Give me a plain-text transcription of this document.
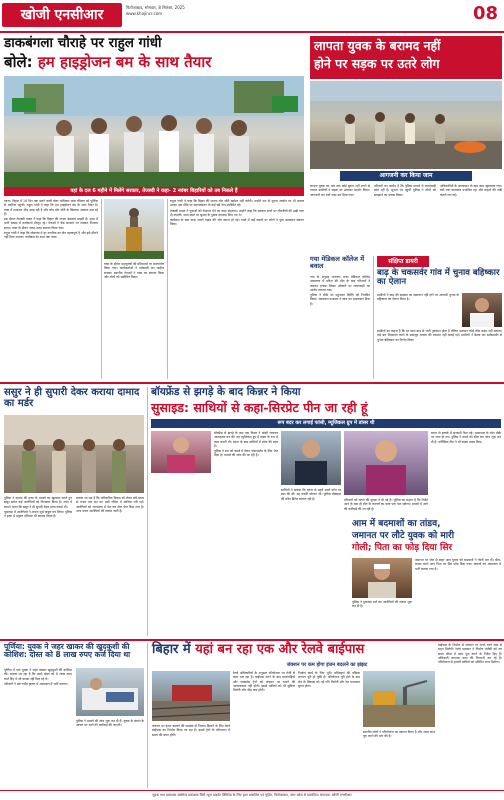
खोजी एनसीआर	फिरोजाबाद, सोमवार, 8 सितंबर, 2025
www.khojincr.com	08
डाकबंगला चौराहे पर राहुल गांधी
बोले: हम हाइड्रोजन बम के साथ तैयार
वहां के दल 6 महीने में मिलेंगे सरकार, तेजस्वी ने कहा- 2 नवंबर बिहारियों को तब निकले हैं

पटना। बिहार में 16 दिन तक चलने वाली वोटर अधिकार यात्रा रविवार को पूर्णिया से अररिया पहुंची। राहुल गांधी ने कहा कि हम हाइड्रोजन बम के साथ तैयार हैं। यात्रा में लगातार भीड़ उमड़ रही है और लोग वोट चोरी के खिलाफ आवाज उठा रहे हैं।

इस दौरान तेजस्वी यादव ने कहा कि बिहार की जनता बदलाव चाहती है। सभा में भारी संख्या में कार्यकर्ता मौजूद रहे। नेताओं ने केंद्र सरकार पर जमकर निशाना साधा। यात्रा के दौरान जगह-जगह स्वागत किया गया।

राहुल गांधी ने कहा कि लोकतंत्र में हर नागरिक का वोट महत्वपूर्ण है और इसे छीनने नहीं दिया जाएगा। कार्यक्रम देर शाम तक चला।

यात्रा के दौरान महापुरुषों की प्रतिमाओं पर माल्यार्पण किया गया। कार्यकर्ताओं ने नारेबाजी कर माहौल बनाया। स्थानीय नेताओं ने यात्रा का स्वागत किया और लोगों को संबोधित किया।

राहुल गांधी ने कहा कि बिहार की जनता वोट चोरी बर्दाश्त नहीं करेगी। उन्होंने मंच से चुनाव आयोग पर भी सवाल उठाए। इस मौके पर महागठबंधन के कई बड़े नेता उपस्थित रहे।

तेजस्वी यादव ने युवाओं को रोजगार देने का वादा दोहराया। उन्होंने कहा कि सरकार बनने पर नौकरियों की झड़ी लगा दी जाएगी। सभा स्थल पर सुरक्षा के पुख्ता इंतजाम किए गए थे।

कार्यक्रम के बाद यात्रा अगले पड़ाव की ओर रवाना हो गई। रास्ते में कई स्थानों पर लोगों ने फूल बरसाकर स्वागत किया।

लापता युवक के बरामद नहीं
होने पर सड़क पर उतरे लोग
आगजनी कर किया जाम

लापता युवक का अब तक कोई सुराग नहीं लगने से नाराज ग्रामीणों ने सड़क पर उतरकर प्रदर्शन किया। आगजनी कर मार्ग जाम कर दिया गया।

परिजनों का आरोप है कि पुलिस मामले में लापरवाही बरत रही है। सूचना पर पहुंची पुलिस ने लोगों को समझाने का प्रयास किया।

अधिकारियों के आश्वासन के बाद जाम खुलवाया गया। घंटों तक यातायात प्रभावित रहा और वाहनों की लंबी कतारें लग गईं।

गया मेडिकल कॉलेज में बवाल

गया के अनुग्रह नारायण मगध मेडिकल कॉलेज अस्पताल में मरीज की मौत के बाद परिजनों ने जमकर हंगामा किया। डॉक्टरों पर लापरवाही का आरोप लगाया गया।

पुलिस ने मौके पर पहुंचकर स्थिति को नियंत्रित किया। अस्पताल प्रशासन ने जांच का आश्वासन दिया है।

संक्षिप्त डायरी
बाढ़ के चकसर्वर गांव में चुनाव बहिष्कार का ऐलान

ग्रामीणों ने बाढ़ की समस्या का समाधान नहीं होने पर आगामी चुनाव के बहिष्कार का ऐलान किया है।

ग्रामीणों का कहना है कि हर साल बाढ़ से भारी नुकसान होता है लेकिन प्रशासन कोई ठोस कदम नहीं उठाता। कई बार शिकायत करने के बावजूद तटबंध की मरम्मत नहीं कराई गई। ग्रामीणों ने बैठक कर सर्वसम्मति से चुनाव बहिष्कार का निर्णय लिया।

ससुर ने ही सुपारी देकर कराया दामाद का मर्डर

पुलिस ने दामाद की हत्या के मामले का खुलासा करते हुए ससुर समेत कई आरोपियों को गिरफ्तार किया है। जांच में सामने आया कि ससुर ने ही सुपारी देकर हत्या कराई थी।

पूछताछ में आरोपियों ने अपना जुर्म कबूल कर लिया। पुलिस ने हत्या में प्रयुक्त हथियार भी बरामद किया है।

बताया जा रहा है कि पारिवारिक विवाद को लेकर लंबे समय से तनाव चल रहा था। इसी रंजिश में साजिश रची गई। आरोपियों को न्यायालय में पेश कर जेल भेज दिया गया है। अन्य फरार आरोपियों की तलाश जारी है।

बॉयफ्रेंड से झगड़े के बाद किन्नर ने किया
सुसाइड: साथियों से कहा-सिरप्रेट पीन जा रही हूं
रूप बदर कर लगाई फांसी, म्यूजिकल ग्रुप में डांसर थी

बॉयफ्रेंड से झगड़े के बाद एक किन्नर ने फांसी लगाकर आत्महत्या कर ली। वह म्यूजिकल ग्रुप में डांसर के रूप में काम करती थी। घटना के बाद साथियों में शोक की लहर है।

पुलिस ने शव को कब्जे में लेकर पोस्टमार्टम के लिए भेज दिया है। मामले की जांच की जा रही है।

साथियों ने बताया कि घटना से पहले उसने फोन पर बात की थी। वह काफी परेशान थी। पुलिस मोबाइल की कॉल डिटेल खंगाल रही है।	परिजनों को घटना की सूचना दे दी गई है। पुलिस का कहना है कि रिपोर्ट आने के बाद ही मौत के कारणों का स्पष्ट पता चल सकेगा। मामले में आगे की कार्रवाई की जा रही है।

घटना से इलाके में सनसनी फैल गई। आसपास के लोग मौके पर जमा हो गए। पुलिस ने कमरे को सील कर जांच शुरू कर दी है। फॉरेंसिक टीम ने भी साक्ष्य एकत्र किए।

आम में बदमाशों का तांडव,
जमानत पर लौटे युवक को मारी
गोली; पिता का फोड़ दिया सिर

जमानत पर जेल से बाहर आए युवक को बदमाशों ने गोली मार दी। बीच-बचाव करने आए पिता का सिर फोड़ दिया गया। घायलों को अस्पताल में भर्ती कराया गया है।

पुलिस ने मुकदमा दर्ज कर आरोपियों की तलाश शुरू कर दी है।

पूर्णिया: युवक ने जहर खाकर की खुदकुशी की कोशिश: दोस्त को 8 लाख रुपए कर्ज दिया था

पूर्णिया में एक युवक ने जहर खाकर खुदकुशी की कोशिश की। बताया जा रहा है कि उसने दोस्त को 8 लाख रुपए कर्ज दिए थे जो वापस नहीं मिल रहे थे।

परिजनों ने उसे गंभीर हालत में अस्पताल में भर्ती कराया।

पुलिस ने मामले की जांच शुरू कर दी है। युवक के बयान के आधार पर आगे की कार्रवाई की जाएगी।

बिहार में यहां बन रहा एक और रेलवे बाईपास
जंक्शन पर कम होगा इंजन बदलने का झंझट

जंक्शन पर इंजन बदलने की समस्या से निजात दिलाने के लिए रेलवे बाईपास का निर्माण किया जा रहा है। इससे ट्रेनों के परिचालन में समय की बचत होगी।

रेलवे अधिकारियों के अनुसार परियोजना पर तेजी से काम चल रहा है। बाईपास बनने के बाद मालगाड़ियों और एक्सप्रेस ट्रेनों को जंक्शन पर रुकने की आवश्यकता नहीं होगी। इससे यात्रियों को भी सुविधा मिलेगी और भीड़ कम होगी।

निर्माण कार्य के लिए भूमि अधिग्रहण की प्रक्रिया लगभग पूरी हो चुकी है। परियोजना पूरी होने के बाद क्षेत्र के विकास को नई गति मिलेगी और रेल यातायात सुगम होगा।

स्थानीय लोगों ने परियोजना का स्वागत किया है और जल्द काम पूरा करने की मांग की है।

बाईपास के निर्माण से जंक्शन पर लगने वाले जाम से राहत मिलेगी। रेलवे प्रशासन ने निर्माण एजेंसी को तय समय सीमा में काम पूरा करने के निर्देश दिए हैं। अधिकारी लगातार काम की निगरानी कर रहे हैं। परियोजना से हजारों यात्रियों को प्रतिदिन लाभ मिलेगा।

मुद्रक तथा प्रकाशक स्वामित्व प्रकाशक सिटी न्यूज़ प्राइवेट लिमिटेड के लिए द्वारा प्रकाशित एवं मुद्रित, फिरोजाबाद, उत्तर प्रदेश से प्रकाशित। संपादक: खोजी एनसीआर
